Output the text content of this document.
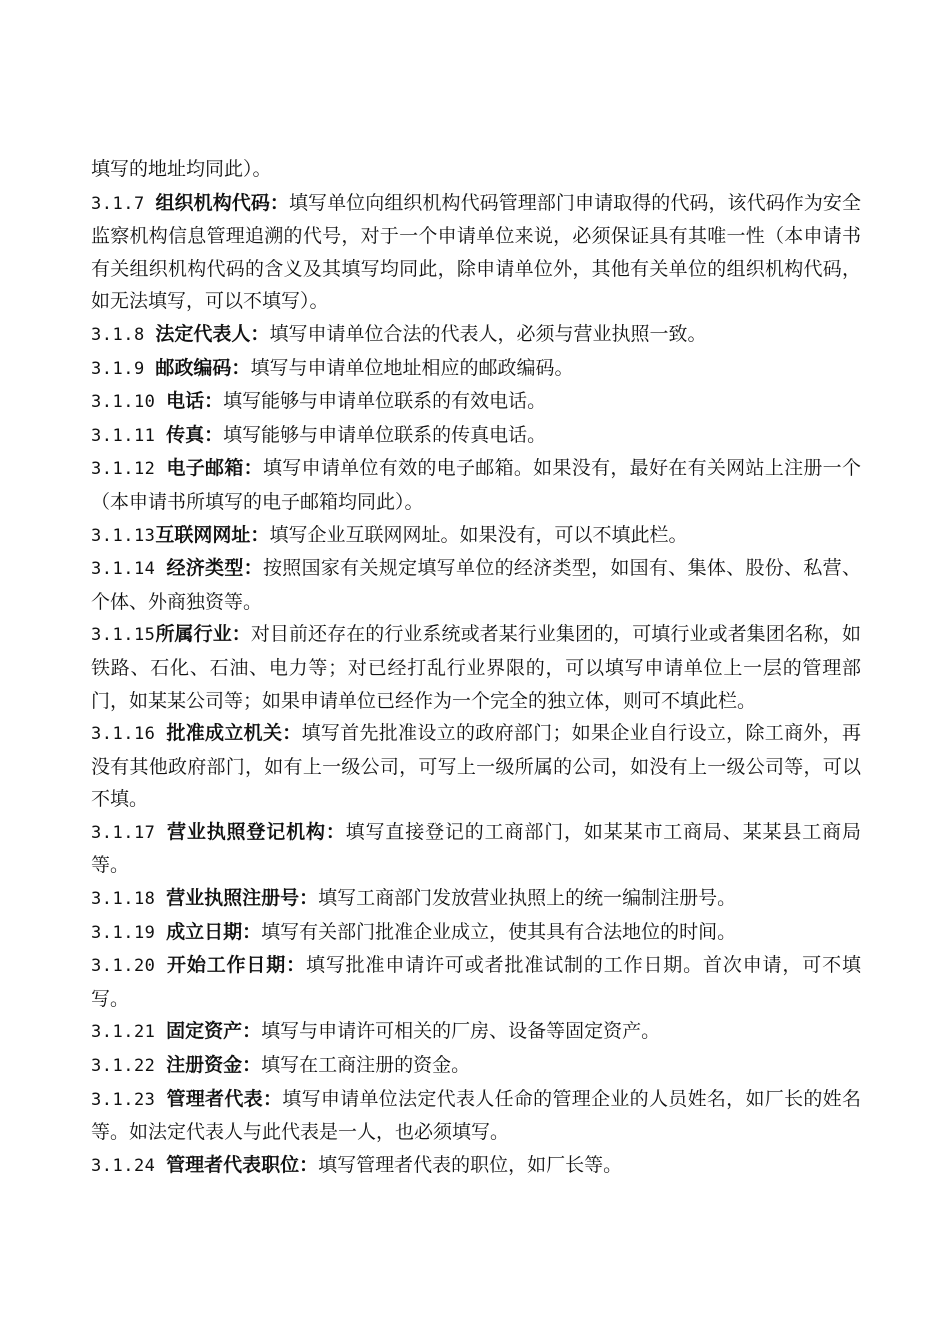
填写的地址均同此）。

3.1.7 组织机构代码：填写单位向组织机构代码管理部门申请取得的代码，该代码作为安全监察机构信息管理追溯的代号，对于一个申请单位来说，必须保证具有其唯一性（本申请书有关组织机构代码的含义及其填写均同此，除申请单位外，其他有关单位的组织机构代码，如无法填写，可以不填写）。

3.1.8 法定代表人：填写申请单位合法的代表人，必须与营业执照一致。

3.1.9 邮政编码：填写与申请单位地址相应的邮政编码。

3.1.10 电话：填写能够与申请单位联系的有效电话。

3.1.11 传真：填写能够与申请单位联系的传真电话。

3.1.12 电子邮箱：填写申请单位有效的电子邮箱。如果没有，最好在有关网站上注册一个（本申请书所填写的电子邮箱均同此）。

3.1.13互联网网址：填写企业互联网网址。如果没有，可以不填此栏。

3.1.14 经济类型：按照国家有关规定填写单位的经济类型，如国有、集体、股份、私营、个体、外商独资等。

3.1.15所属行业：对目前还存在的行业系统或者某行业集团的，可填行业或者集团名称，如铁路、石化、石油、电力等；对已经打乱行业界限的，可以填写申请单位上一层的管理部门，如某某公司等；如果申请单位已经作为一个完全的独立体，则可不填此栏。

3.1.16 批准成立机关：填写首先批准设立的政府部门；如果企业自行设立，除工商外，再没有其他政府部门，如有上一级公司，可写上一级所属的公司，如没有上一级公司等，可以不填。

3.1.17 营业执照登记机构：填写直接登记的工商部门，如某某市工商局、某某县工商局等。

3.1.18 营业执照注册号：填写工商部门发放营业执照上的统一编制注册号。

3.1.19 成立日期：填写有关部门批准企业成立，使其具有合法地位的时间。

3.1.20 开始工作日期：填写批准申请许可或者批准试制的工作日期。首次申请，可不填写。

3.1.21 固定资产：填写与申请许可相关的厂房、设备等固定资产。

3.1.22 注册资金：填写在工商注册的资金。

3.1.23 管理者代表：填写申请单位法定代表人任命的管理企业的人员姓名，如厂长的姓名等。如法定代表人与此代表是一人，也必须填写。

3.1.24 管理者代表职位：填写管理者代表的职位，如厂长等。
